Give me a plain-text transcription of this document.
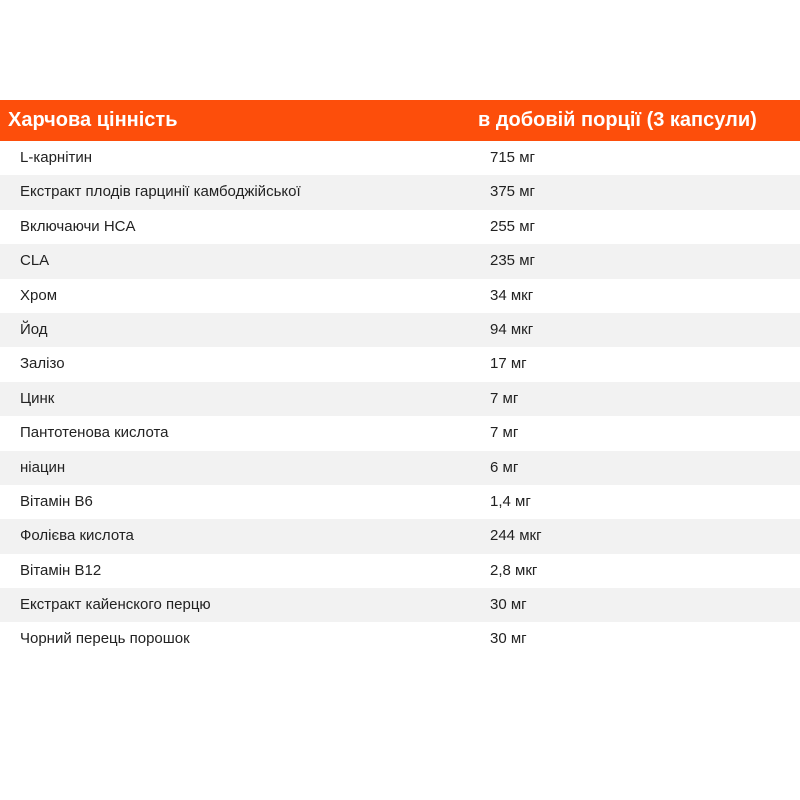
Харчова цінність	в добовій порції (3 капсули)
L-карнітин	715 мг
Екстракт плодів гарцинії камбоджійської	375 мг
Включаючи HCA	255 мг
CLA	235 мг
Хром	34 мкг
Йод	94 мкг
Залізо	17 мг
Цинк	7 мг
Пантотенова кислота	7 мг
ніацин	6 мг
Вітамін B6	1,4 мг
Фолієва кислота	244 мкг
Вітамін B12	2,8 мкг
Екстракт кайенского перцю	30 мг
Чорний перець порошок	30 мг
